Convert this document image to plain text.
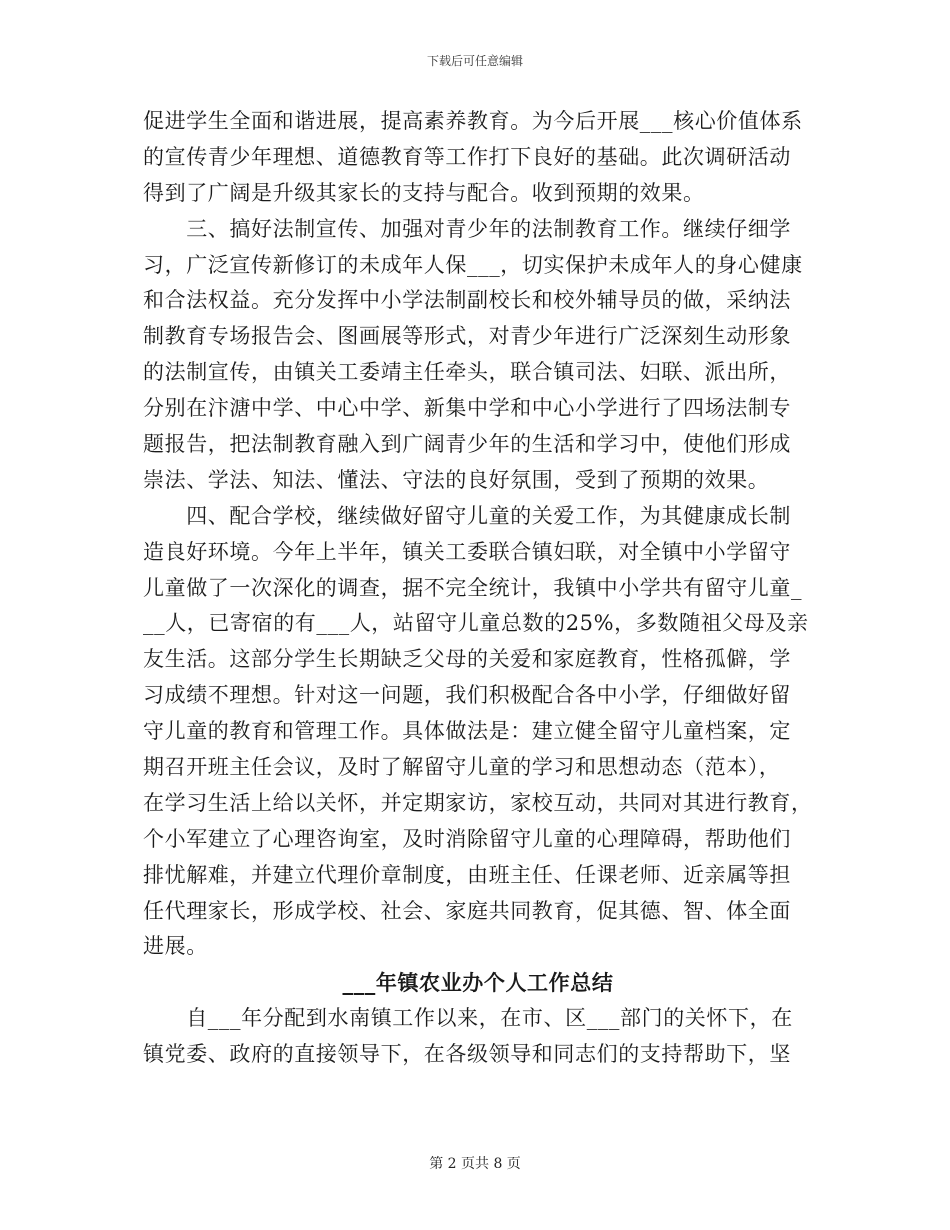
下载后可任意编辑
促进学生全面和谐进展，提高素养教育。为今后开展___核心价值体系
的宣传青少年理想、道德教育等工作打下良好的基础。此次调研活动
得到了广阔是升级其家长的支持与配合。收到预期的效果。
　　三、搞好法制宣传、加强对青少年的法制教育工作。继续仔细学
习，广泛宣传新修订的未成年人保___，切实保护未成年人的身心健康
和合法权益。充分发挥中小学法制副校长和校外辅导员的做，采纳法
制教育专场报告会、图画展等形式，对青少年进行广泛深刻生动形象
的法制宣传，由镇关工委靖主任牵头，联合镇司法、妇联、派出所，
分别在汴溏中学、中心中学、新集中学和中心小学进行了四场法制专
题报告，把法制教育融入到广阔青少年的生活和学习中，使他们形成
崇法、学法、知法、懂法、守法的良好氛围，受到了预期的效果。
　　四、配合学校，继续做好留守儿童的关爱工作，为其健康成长制
造良好环境。今年上半年，镇关工委联合镇妇联，对全镇中小学留守
儿童做了一次深化的调查，据不完全统计，我镇中小学共有留守儿童_
__人，已寄宿的有___人，站留守儿童总数的25%，多数随祖父母及亲
友生活。这部分学生长期缺乏父母的关爱和家庭教育，性格孤僻，学
习成绩不理想。针对这一问题，我们积极配合各中小学，仔细做好留
守儿童的教育和管理工作。具体做法是：建立健全留守儿童档案，定
期召开班主任会议，及时了解留守儿童的学习和思想动态（范本），
在学习生活上给以关怀，并定期家访，家校互动，共同对其进行教育，
个小军建立了心理咨询室，及时消除留守儿童的心理障碍，帮助他们
排忧解难，并建立代理价章制度，由班主任、任课老师、近亲属等担
任代理家长，形成学校、社会、家庭共同教育，促其德、智、体全面
进展。
___年镇农业办个人工作总结
　　自___年分配到水南镇工作以来，在市、区___部门的关怀下，在
镇党委、政府的直接领导下，在各级领导和同志们的支持帮助下，坚
第 2 页共 8 页
